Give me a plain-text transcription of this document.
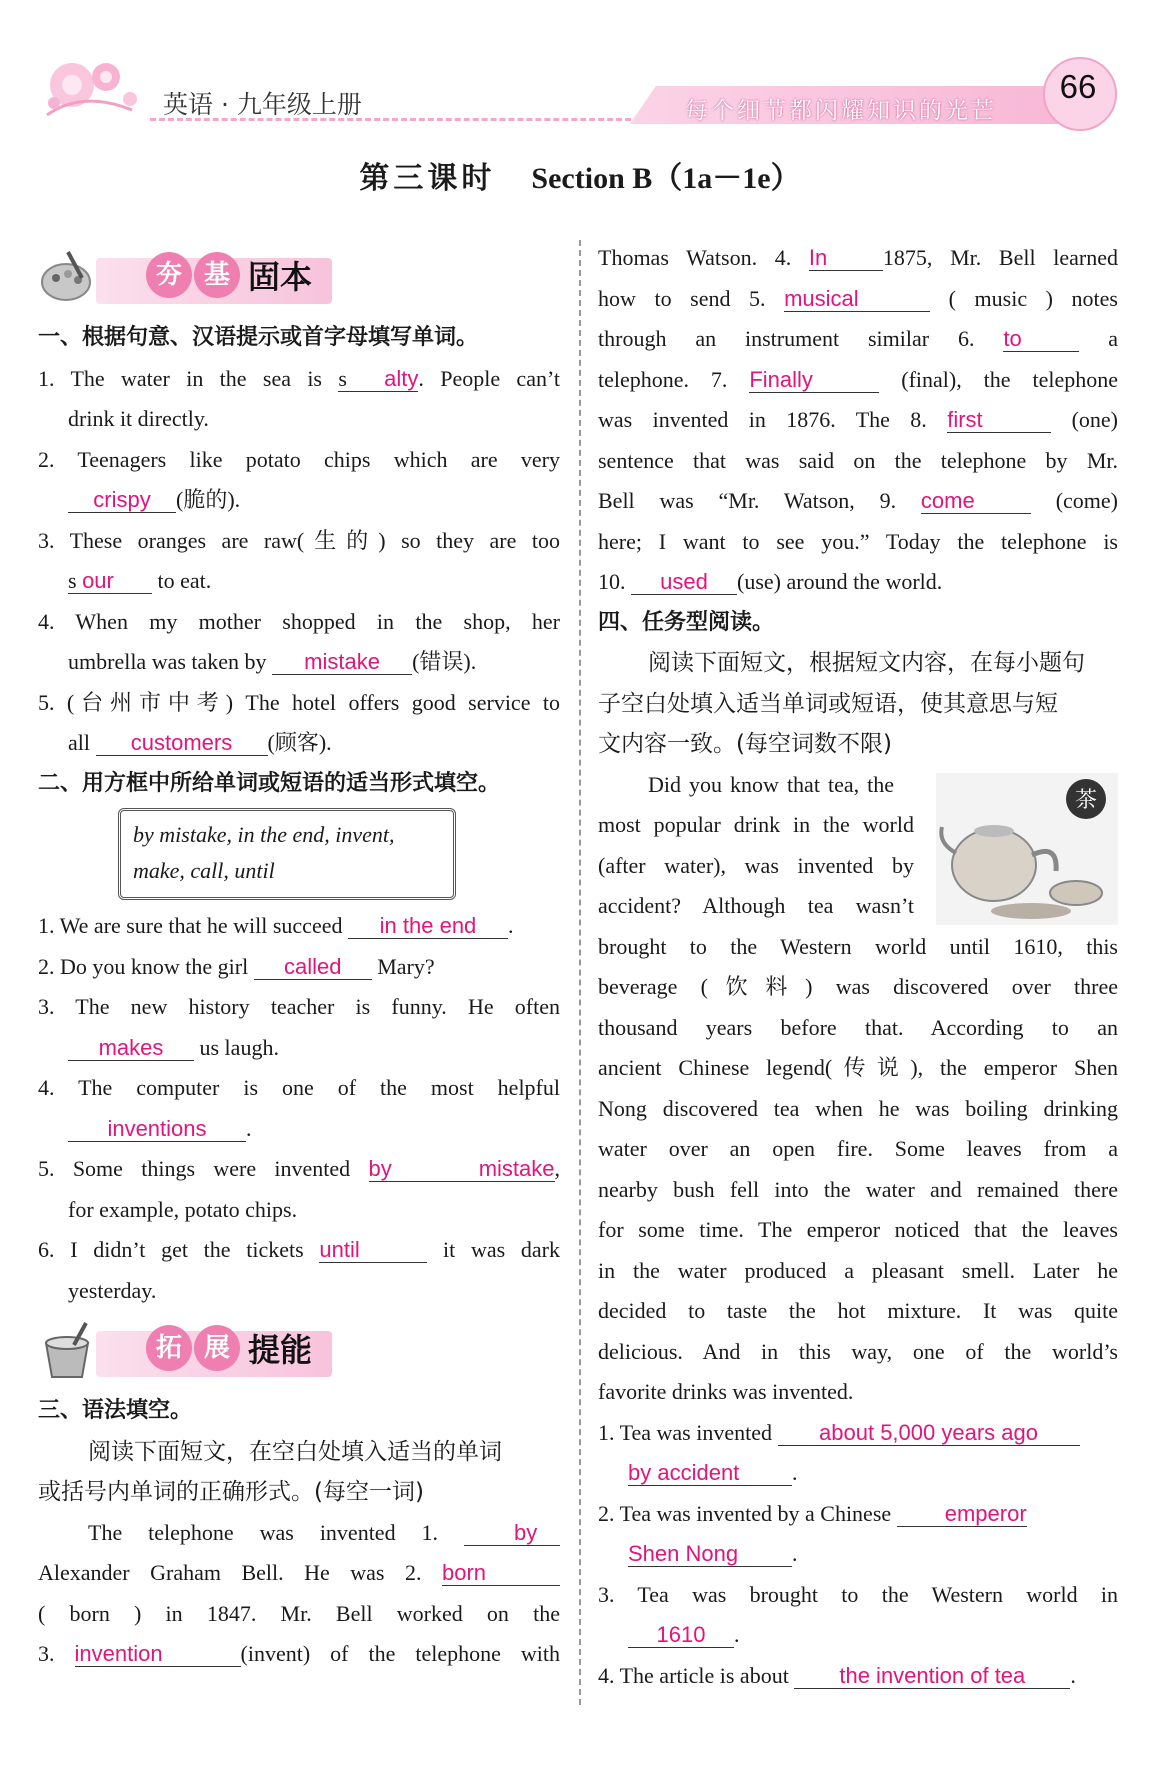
英语 · 九年级上册	每个细节都闪耀知识的光芒
66
第三课时 Section B（1a－1e）
夯 基 固本
一、根据句意、汉语提示或首字母填写单词。
1. The water in the sea is s alty. People can’t
drink it directly.
2. Teenagers like potato chips which are very
crispy (脆的).
3. These oranges are raw(生的) so they are too
s our to eat.
4. When my mother shopped in the shop, her
umbrella was taken by mistake (错误).
5. (台州市中考) The hotel offers good service to
all customers (顾客).
二、用方框中所给单词或短语的适当形式填空。
by mistake, in the end, invent,
make, call, until
1. We are sure that he will succeed in the end .
2. Do you know the girl called Mary?
3. The new history teacher is funny. He often
makes us laugh.
4. The computer is one of the most helpful
inventions .
5. Some things were invented by mistake,
for example, potato chips.
6. I didn’t get the tickets until	it was dark
yesterday.
拓 展 提能
三、语法填空。
阅读下面短文，在空白处填入适当的单词
或括号内单词的正确形式。(每空一词)
The telephone was invented 1. by
Alexander Graham Bell. He was 2. born
( born ) in 1847. Mr. Bell worked on the
3. invention	(invent) of the telephone with
Thomas Watson. 4. In	1875, Mr. Bell learned
how to send 5. musical	( music ) notes
through an instrument similar 6. to	a
telephone. 7. Finally	(final), the telephone
was invented in 1876. The 8. first	(one)
sentence that was said on the telephone by Mr.
Bell was “Mr. Watson, 9. come	(come)
here; I want to see you.” Today the telephone is
10. used (use) around the world.
四、任务型阅读。
阅读下面短文，根据短文内容，在每小题句
子空白处填入适当单词或短语，使其意思与短
文内容一致。(每空词数不限)
茶
Did you know that tea, the
most popular drink in the world
(after water), was invented by
accident? Although tea wasn’t
brought to the Western world until 1610, this
beverage (饮料) was discovered over three
thousand years before that. According to an
ancient Chinese legend(传说), the emperor Shen
Nong discovered tea when he was boiling drinking
water over an open fire. Some leaves from a
nearby bush fell into the water and remained there
for some time. The emperor noticed that the leaves
in the water produced a pleasant smell. Later he
decided to taste the hot mixture. It was quite
delicious. And in this way, one of the world’s
favorite drinks was invented.
1. Tea was invented about 5,000 years ago
by accident .
2. Tea was invented by a Chinese emperor
Shen Nong .
3. Tea was brought to the Western world in
1610 .
4. The article is about the invention of tea .
